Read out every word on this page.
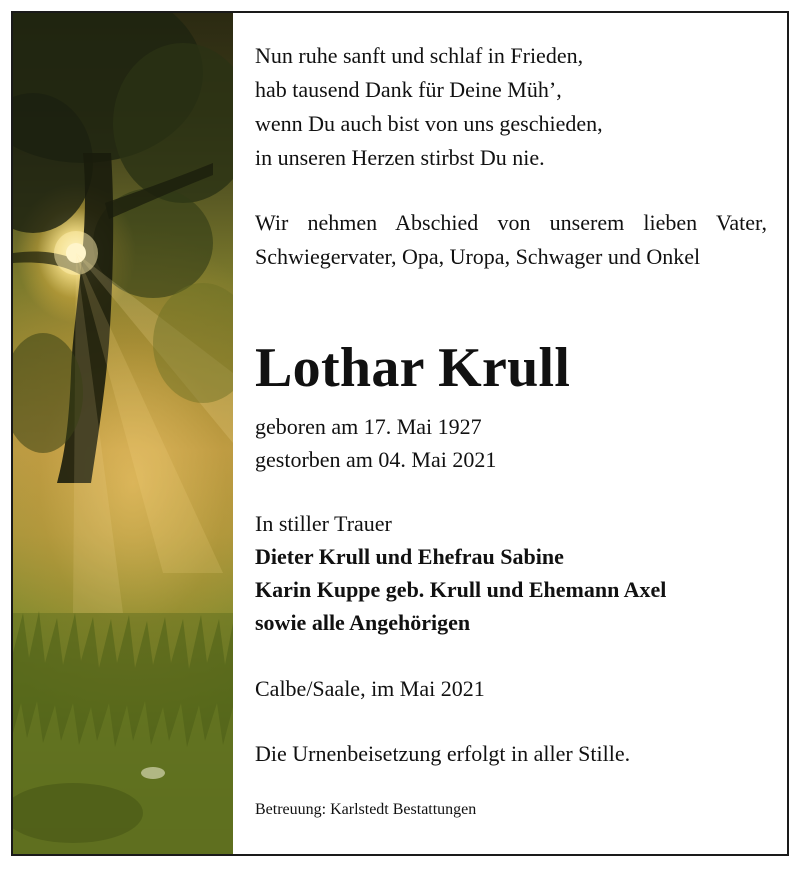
Nun ruhe sanft und schlaf in Frieden,
hab tausend Dank für Deine Müh’,
wenn Du auch bist von uns geschieden,
in unseren Herzen stirbst Du nie.
Wir nehmen Abschied von unserem lieben Vater, Schwiegervater, Opa, Uropa, Schwager und Onkel
Lothar Krull
geboren am 17. Mai 1927
gestorben am 04. Mai 2021
In stiller Trauer
Dieter Krull und Ehefrau Sabine
Karin Kuppe geb. Krull und Ehemann Axel
sowie alle Angehörigen
Calbe/Saale, im Mai 2021
Die Urnenbeisetzung erfolgt in aller Stille.
Betreuung: Karlstedt Bestattungen
